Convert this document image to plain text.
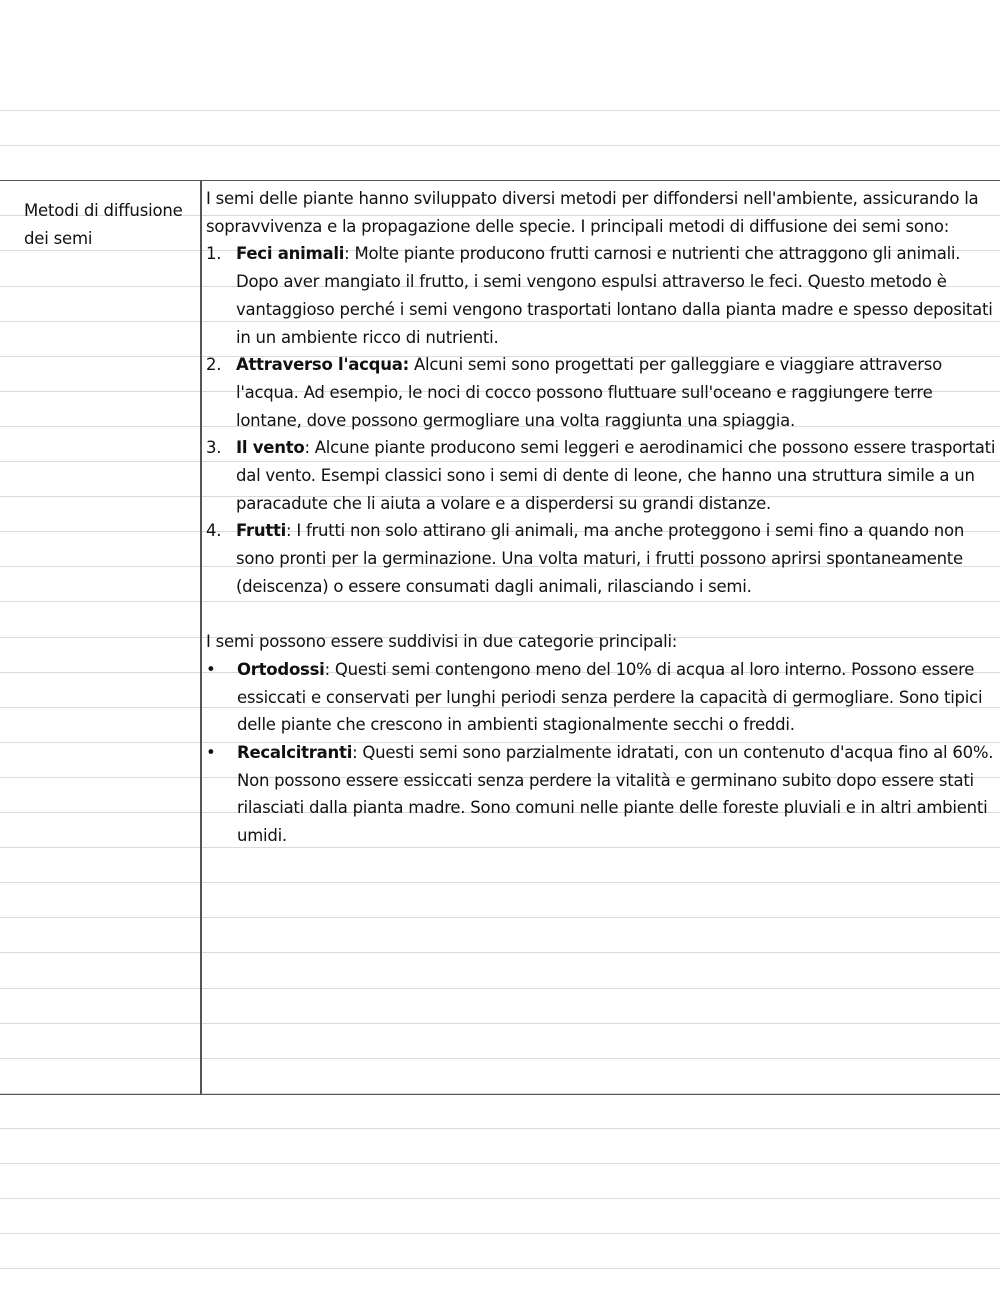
Metodi di diffusione dei semi

I semi delle piante hanno sviluppato diversi metodi per diffondersi nell'ambiente, assicurando la sopravvivenza e la propagazione delle specie. I principali metodi di diffusione dei semi sono:

1. Feci animali: Molte piante producono frutti carnosi e nutrienti che attraggono gli animali. Dopo aver mangiato il frutto, i semi vengono espulsi attraverso le feci. Questo metodo è vantaggioso perché i semi vengono trasportati lontano dalla pianta madre e spesso depositati in un ambiente ricco di nutrienti.
2. Attraverso l'acqua: Alcuni semi sono progettati per galleggiare e viaggiare attraverso l'acqua. Ad esempio, le noci di cocco possono fluttuare sull'oceano e raggiungere terre lontane, dove possono germogliare una volta raggiunta una spiaggia.
3. Il vento: Alcune piante producono semi leggeri e aerodinamici che possono essere trasportati dal vento. Esempi classici sono i semi di dente di leone, che hanno una struttura simile a un paracadute che li aiuta a volare e a disperdersi su grandi distanze.
4. Frutti: I frutti non solo attirano gli animali, ma anche proteggono i semi fino a quando non sono pronti per la germinazione. Una volta maturi, i frutti possono aprirsi spontaneamente (deiscenza) o essere consumati dagli animali, rilasciando i semi.

I semi possono essere suddivisi in due categorie principali:

• Ortodossi: Questi semi contengono meno del 10% di acqua al loro interno. Possono essere essiccati e conservati per lunghi periodi senza perdere la capacità di germogliare. Sono tipici delle piante che crescono in ambienti stagionalmente secchi o freddi.
• Recalcitranti: Questi semi sono parzialmente idratati, con un contenuto d'acqua fino al 60%. Non possono essere essiccati senza perdere la vitalità e germinano subito dopo essere stati rilasciati dalla pianta madre. Sono comuni nelle piante delle foreste pluviali e in altri ambienti umidi.
